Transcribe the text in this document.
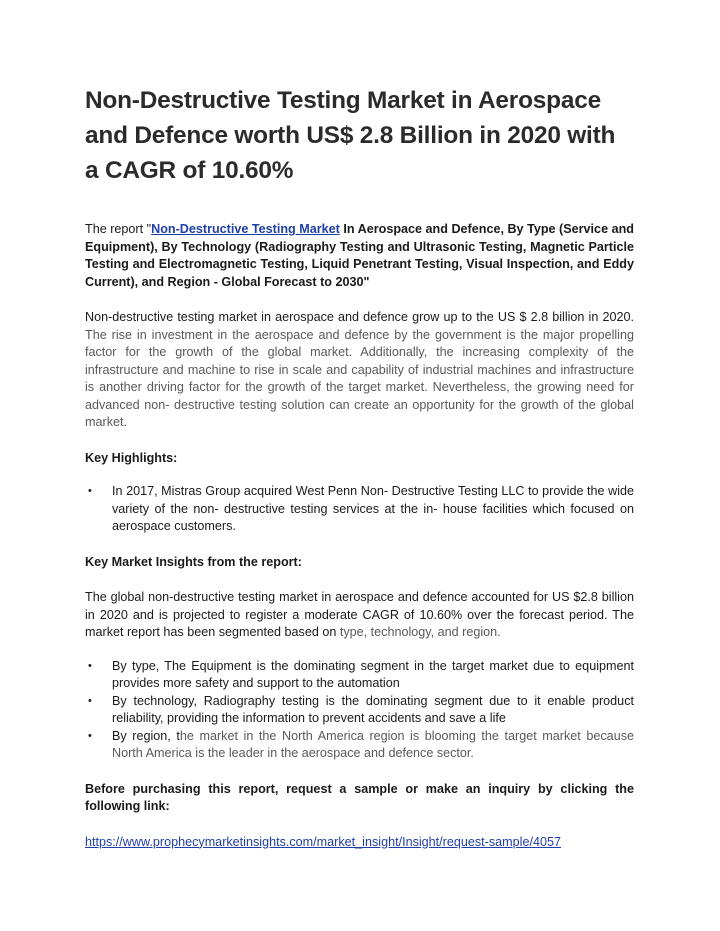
Non-Destructive Testing Market in Aerospace and Defence worth US$ 2.8 Billion in 2020 with a CAGR of 10.60%

The report "Non-Destructive Testing Market In Aerospace and Defence, By Type (Service and Equipment), By Technology (Radiography Testing and Ultrasonic Testing, Magnetic Particle Testing and Electromagnetic Testing, Liquid Penetrant Testing, Visual Inspection, and Eddy Current), and Region - Global Forecast to 2030"

Non-destructive testing market in aerospace and defence grow up to the US $ 2.8 billion in 2020. The rise in investment in the aerospace and defence by the government is the major propelling factor for the growth of the global market. Additionally, the increasing complexity of the infrastructure and machine to rise in scale and capability of industrial machines and infrastructure is another driving factor for the growth of the target market. Nevertheless, the growing need for advanced non- destructive testing solution can create an opportunity for the growth of the global market.

Key Highlights:

• In 2017, Mistras Group acquired West Penn Non- Destructive Testing LLC to provide the wide variety of the non- destructive testing services at the in- house facilities which focused on aerospace customers.

Key Market Insights from the report:

The global non-destructive testing market in aerospace and defence accounted for US $2.8 billion in 2020 and is projected to register a moderate CAGR of 10.60% over the forecast period. The market report has been segmented based on type, technology, and region.

• By type, The Equipment is the dominating segment in the target market due to equipment provides more safety and support to the automation
• By technology, Radiography testing is the dominating segment due to it enable product reliability, providing the information to prevent accidents and save a life
• By region, the market in the North America region is blooming the target market because North America is the leader in the aerospace and defence sector.

Before purchasing this report, request a sample or make an inquiry by clicking the following link:

https://www.prophecymarketinsights.com/market_insight/Insight/request-sample/4057
